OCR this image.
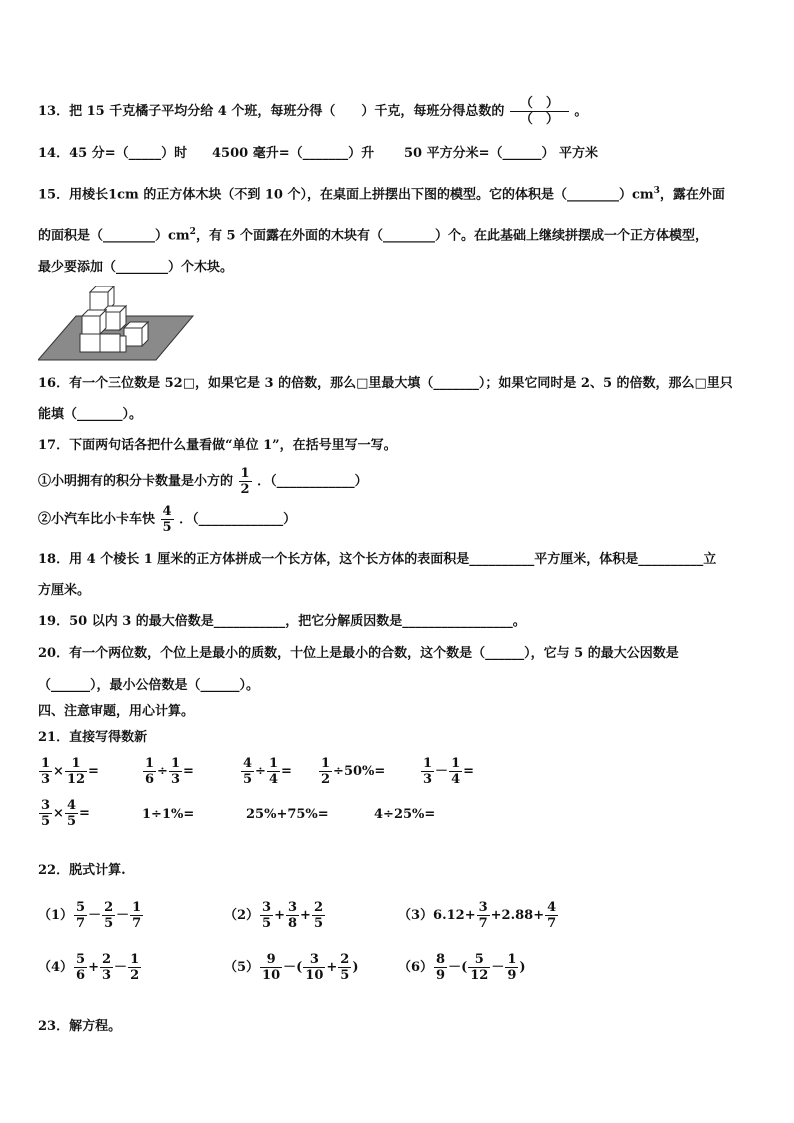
13．把 15 千克橘子平均分给 4 个班，每班分得（　　）千克，每班分得总数的 $\frac{( )}{( )}$ 。
14．45 分=（_____）时 4500 毫升=（_______）升 50 平方分米=（______） 平方米
15．用棱长1cm 的正方体木块（不到 10 个），在桌面上拼摆出下图的模型。它的体积是$(\_\_\_\_\_\_\_\_)cm^3$，露在外面
的面积是$(\_\_\_\_\_\_\_\_)cm^2$，有 5 个面露在外面的木块有（________）个。在此基础上继续拼摆成一个正方体模型，
最少要添加（________）个木块。
16．有一个三位数是 52□，如果它是 3 的倍数，那么□里最大填（_______）；如果它同时是 2、5 的倍数，那么□里只
能填（_______）。
17．下面两句话各把什么量看做“单位 1”，在括号里写一写。
①小明拥有的积分卡数量是小方的 $\frac{1}{2}$ ．（____________）
②小汽车比小卡车快 $\frac{4}{5}$ ．（_____________）
18．用 4 个棱长 1 厘米的正方体拼成一个长方体，这个长方体的表面积是__________平方厘米，体积是__________立
方厘米。
19．50 以内 3 的最大倍数是___________，把它分解质因数是_________________。
20．有一个两位数，个位上是最小的质数，十位上是最小的合数，这个数是（______），它与 5 的最大公因数是
（______），最小公倍数是（______）。
四、注意审题，用心计算。
21．直接写得数新
$\frac{1}{3} \times \frac{1}{12}$ =	$\frac{1}{6} \div \frac{1}{3}$ =	$\frac{4}{5} \div \frac{1}{4} = \frac{1}{2} \div 50\%=$	$\frac{1}{3} - \frac{1}{4}$ =
$\frac{3}{5} \times \frac{4}{5}$ =	1÷1%=	25%+75%=	4÷25%=
22．脱式计算.
$(1) \frac{5}{7} - \frac{2}{5} - \frac{1}{7}$	$(2) \frac{3}{5} + \frac{3}{8} + \frac{2}{5}$	$(3)6.12+ \frac{3}{7} +2.88+ \frac{4}{7}$
$(4) \frac{5}{6} + \frac{2}{3} - \frac{1}{2}$	$(5) \frac{9}{10}$ －( $\frac{3}{10} + \frac{2}{5}$ )	$(6) \frac{8}{9}$ －( $\frac{5}{12} - \frac{1}{9}$ )
23．解方程。
